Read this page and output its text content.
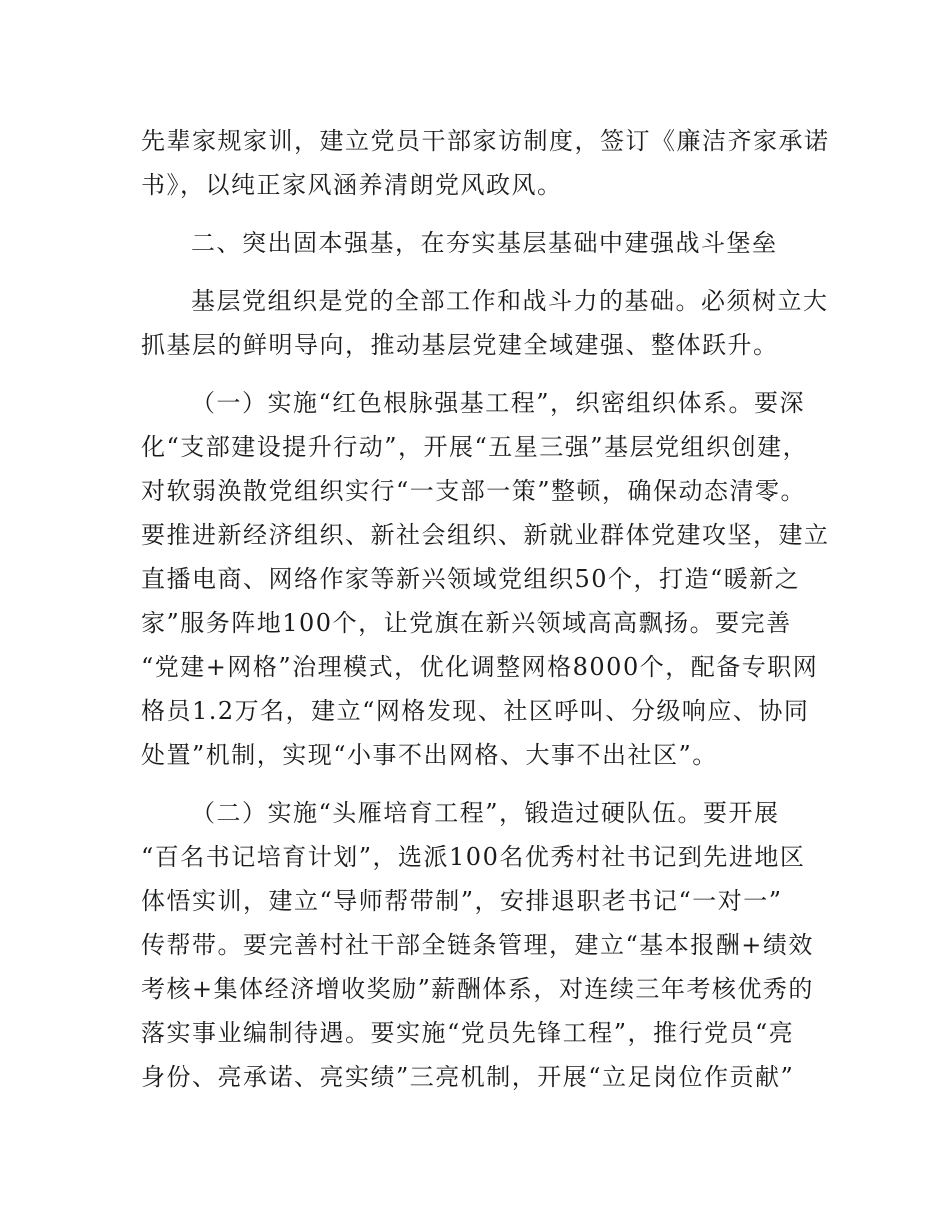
先辈家规家训，建立党员干部家访制度，签订《廉洁齐家承诺
书》，以纯正家风涵养清朗党风政风。
二、突出固本强基，在夯实基层基础中建强战斗堡垒
基层党组织是党的全部工作和战斗力的基础。必须树立大
抓基层的鲜明导向，推动基层党建全域建强、整体跃升。
（一）实施“红色根脉强基工程”，织密组织体系。要深
化“支部建设提升行动”，开展“五星三强”基层党组织创建，
对软弱涣散党组织实行“一支部一策”整顿，确保动态清零。
要推进新经济组织、新社会组织、新就业群体党建攻坚，建立
直播电商、网络作家等新兴领域党组织50个，打造“暖新之
家”服务阵地100个，让党旗在新兴领域高高飘扬。要完善
“党建+网格”治理模式，优化调整网格8000个，配备专职网
格员1.2万名，建立“网格发现、社区呼叫、分级响应、协同
处置”机制，实现“小事不出网格、大事不出社区”。
（二）实施“头雁培育工程”，锻造过硬队伍。要开展
“百名书记培育计划”，选派100名优秀村社书记到先进地区
体悟实训，建立“导师帮带制”，安排退职老书记“一对一”
传帮带。要完善村社干部全链条管理，建立“基本报酬+绩效
考核+集体经济增收奖励”薪酬体系，对连续三年考核优秀的
落实事业编制待遇。要实施“党员先锋工程”，推行党员“亮
身份、亮承诺、亮实绩”三亮机制，开展“立足岗位作贡献”
